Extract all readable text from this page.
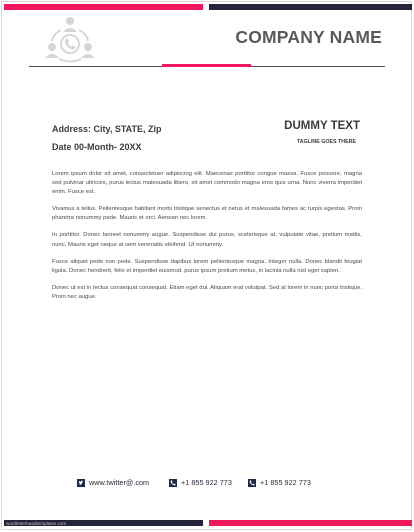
COMPANY NAME
Address: City, STATE, Zip
Date 00-Month- 20XX
DUMMY TEXT
TAGLINE GOES THERE

Lorem ipsum dolor sit amet, consectetuer adipiscing elit. Maecenas porttitor congue massa. Fusce posuere, magna sed pulvinar ultricies, purus lectus malesuada libero, sit amet commodo magna eros quis urna. Nunc viverra imperdiet enim. Fusce est.

Vivamus a tellus. Pellentesque habitant morbi tristique senectus et netus et malesuada fames ac turpis egestas. Proin pharetra nonummy pede. Mauris et orci. Aenean nec lorem.

In porttitor. Donec laoreet nonummy augue. Suspendisse dui purus, scelerisque at, vulputate vitae, pretium mattis, nunc. Mauris eget neque at sem venenatis eleifend. Ut nonummy.

Fusce aliquet pede non pede. Suspendisse dapibus lorem pellentesque magna. Integer nulla. Donec blandit feugiat ligula. Donec hendrerit, felis et imperdiet euismod, purus ipsum pretium metus, in lacinia nulla nisl eget sapien.

Donec ut est in lectus consequat consequat. Etiam eget dui. Aliquam erat volutpat. Sed at lorem in nunc porta tristique. Proin nec augue.

www.twitter@.com	+1 855 922 773	+1 855 922 773
wordletterheadtemplates.com
